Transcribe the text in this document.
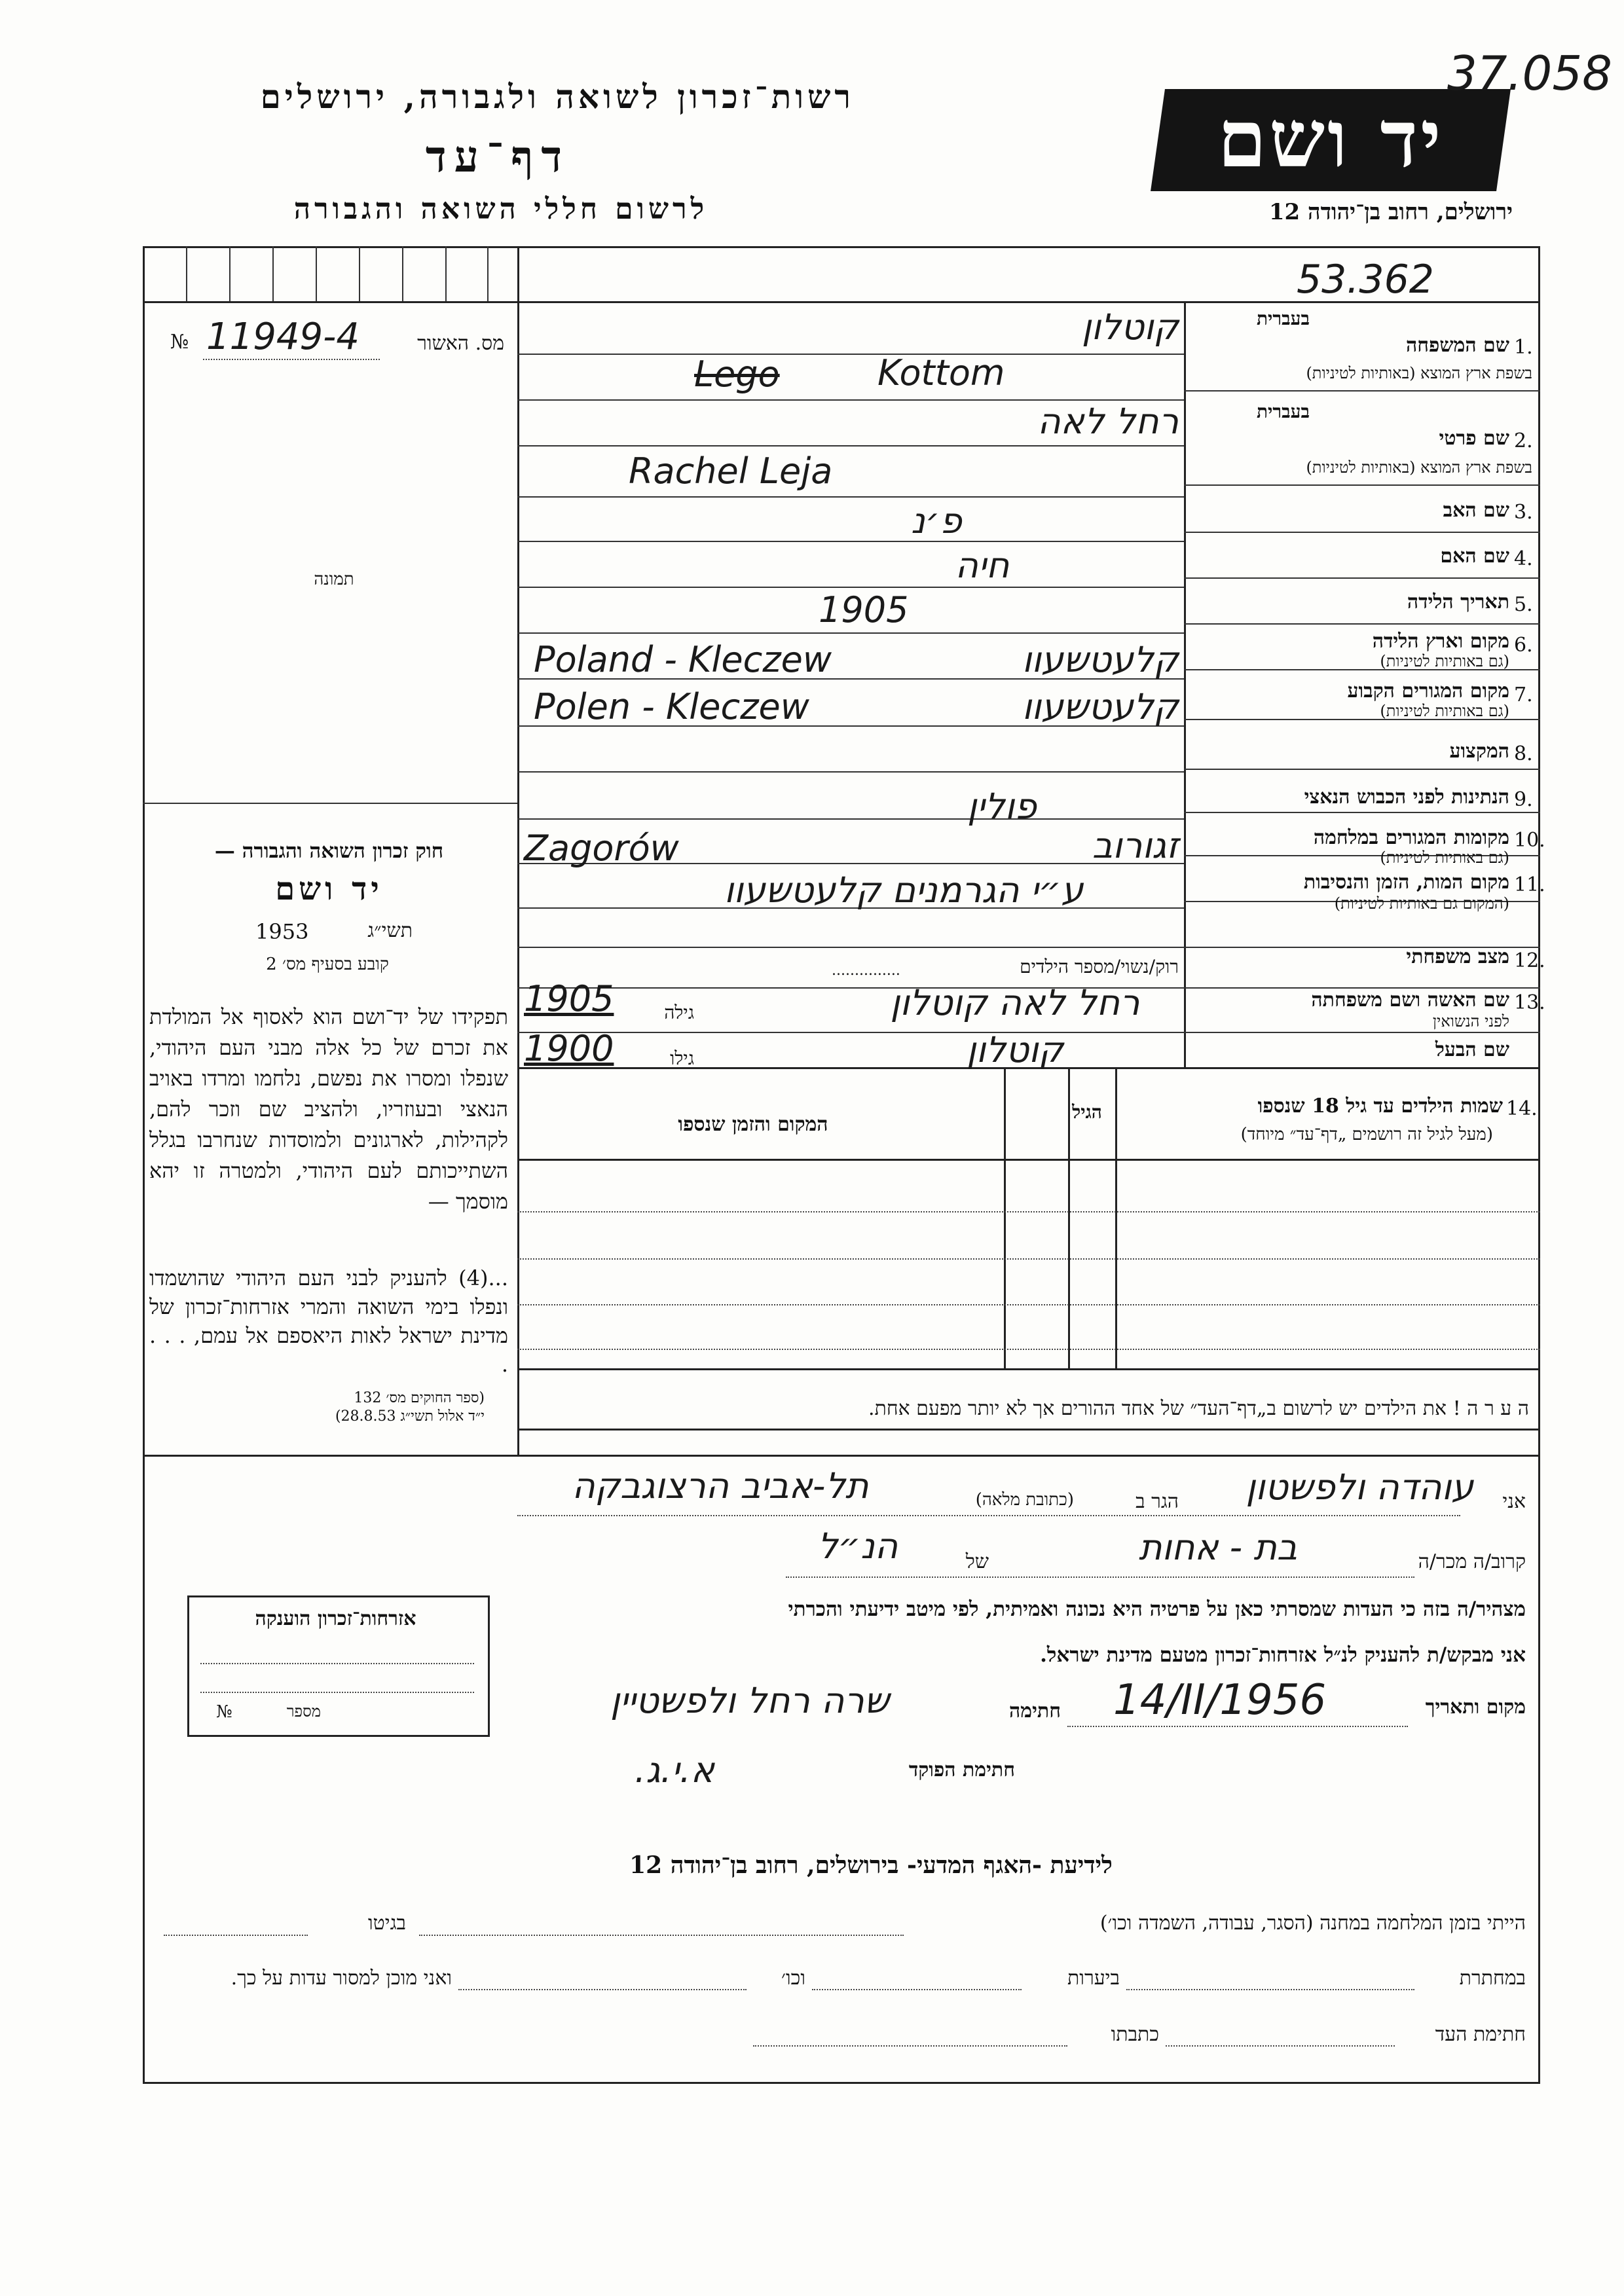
רשות־זכרון לשואה ולגבורה, ירושלים
דף־עד
לרשום חללי השואה והגבורה
יד ושם
ירושלים, רחוב בן־יהודה 12
37.058
53.362
№ 11949-4	מס. האשור
תמונה
חוק זכרון השואה והגבורה —
יד ושם
1953	תשי״ג
קובע בסעיף מס׳ 2
תפקידו של יד־ושם הוא לאסוף אל המולדת את זכרם של כל אלה מבני העם היהודי, שנפלו ומסרו את נפשם, נלחמו ומרדו באויב הנאצי ובעוזריו, ולהציב שם וזכר להם, לקהילות, לארגונים ולמוסדות שנחרבו בגלל השתייכותם לעם היהודי, ולמטרה זו יהא מוסמך —
...(4) להעניק לבני העם היהודי שהושמדו ונפלו בימי השואה והמרי אזרחות־זכרון של מדינת ישראל לאות היאספם אל עמם, . . . .
(ספר החוקים מס׳ 132
י״ד אלול תשי״ג 28.8.53)
אזרחות־זכרון הוענקה
מספר
№
בעברית
1.
שם המשפחה
בשפת ארץ המוצא (באותיות לטיניות)
קוטלון
Lego	Kottom
בעברית
2.
שם פרטי
בשפת ארץ המוצא (באותיות לטיניות)
רחל לאה
Rachel Leja
3.
שם האב
פ׳נ
4.
שם האם
חיה
5.
תאריך הלידה
1905
6.
מקום וארץ הלידה
(גם באותיות לטיניות)
Poland - Kleczew	קלעטשעוו
7.
מקום המגורים הקבוע
(גם באותיות לטיניות)
Polen - Kleczew	קלעטשעוו
8.
המקצוע
9.
הנתינות לפני הכבוש הנאצי
פולין
10.
מקומות המגורים במלחמה
(גם באותיות לטיניות)
Zagorów	זגורוב
11.
מקום המות, הזמן והנסיבות
(המקום גם באותיות לטיניות)
ע״י הגרמנים קלעטשעוו
12.
מצב משפחתי
רוק/נשוי/מספר הילדים
...............
13.
שם האשה ושם משפחתה
לפני הנשואין
רחל לאה קוטלון
1905	גילה
שם הבעל
קוטלון
1900	גילו
14.
שמות הילדים עד גיל 18 שנספו
(מעל לגיל זה רושמים „דף־עד״ מיוחד)
הגיל
המקום והזמן שנספו
ה ע ר ה ! את הילדים יש לרשום ב„דף־העד״ של אחד ההורים אך לא יותר מפעם אחת.
אני
עוהדה ולפשטון
הגר ב
(כתובת מלאה)
תל-אביב הרצוגבקה
קרוב/ה מכר/ה
בת - אחות
של
הנ״ל
מצהיר/ה בזה כי העדות שמסרתי כאן על פרטיה היא נכונה ואמיתית, לפי מיטב ידיעתי והכרתי
אני מבקש/ת להעניק לנ״ל אזרחות־זכרון מטעם מדינת ישראל.
מקום ותאריך
14/II/1956
חתימה
שרה רחל ולפשטיין
חתימת הפוקד
א.י.ג.
לידיעת -האגף המדעי- בירושלים, רחוב בן־יהודה 12
הייתי בזמן המלחמה במחנה (הסגר, עבודה, השמדה וכו׳)
בגיטו
במחתרת
ביערות
וכו׳
ואני מוכן למסור עדות על כך.
חתימת העד
כתבתו
